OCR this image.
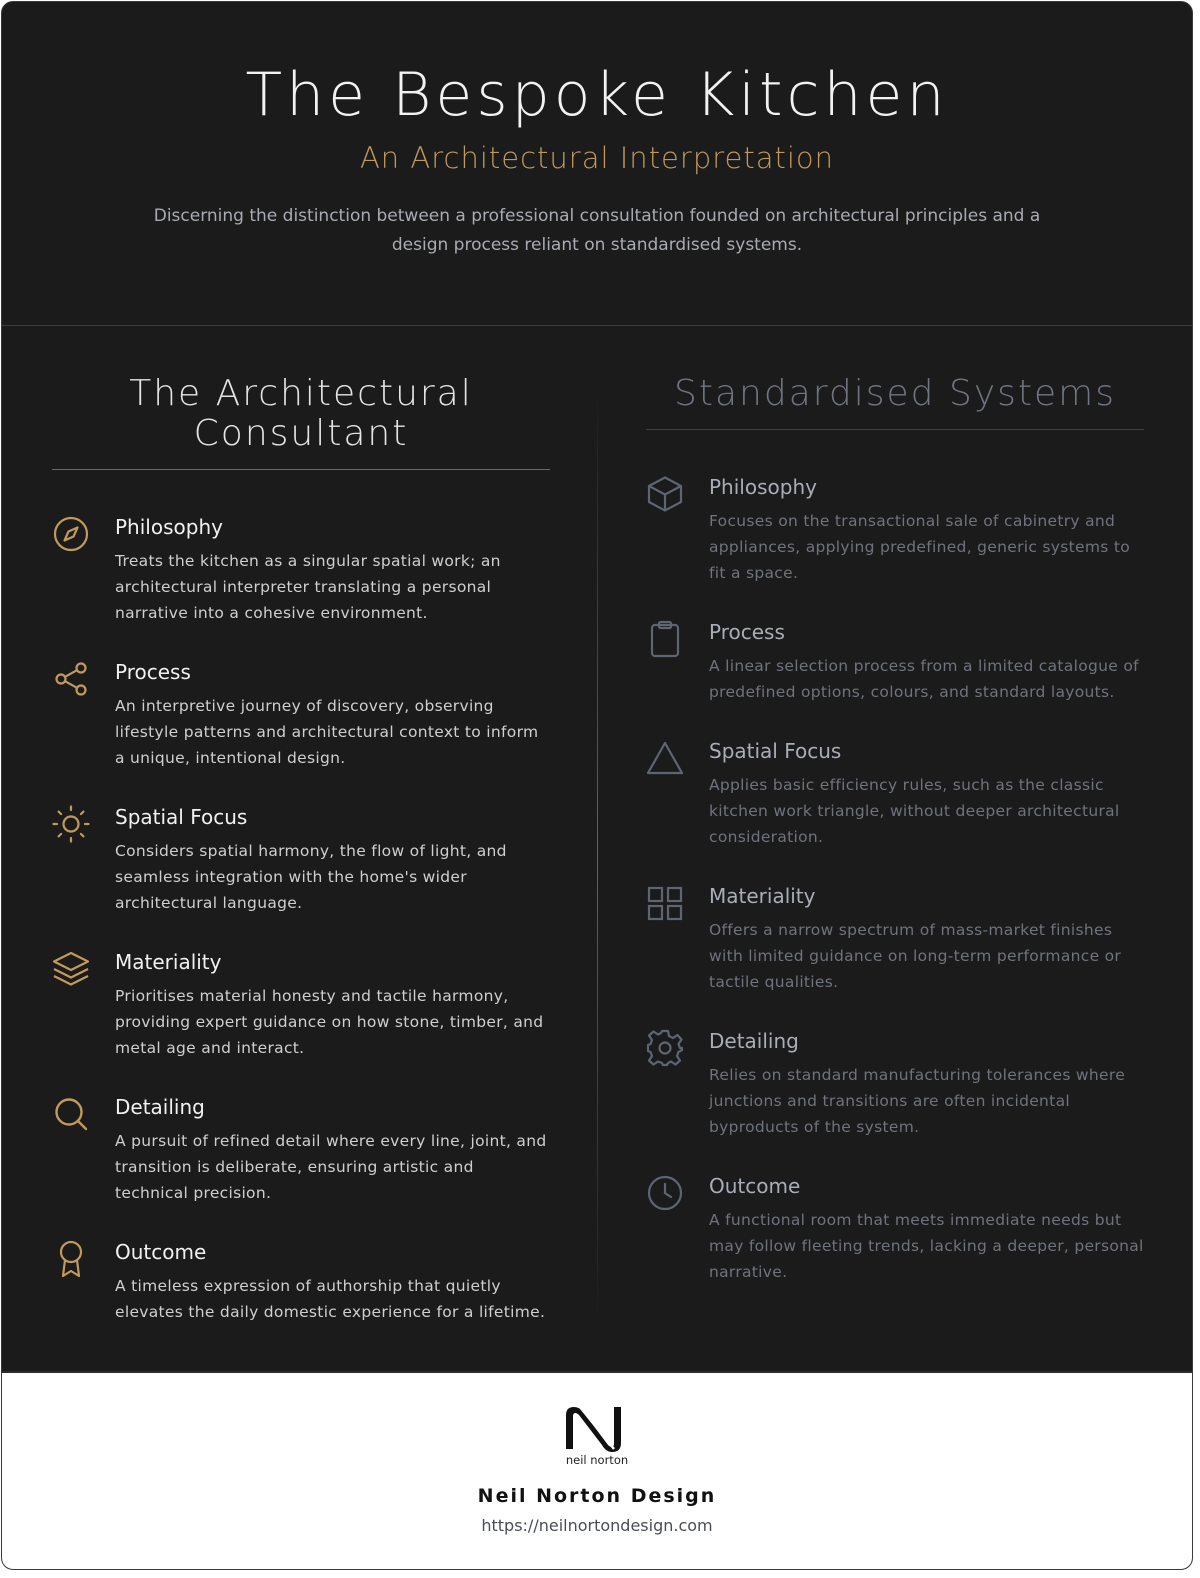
The Bespoke Kitchen
An Architectural Interpretation

Discerning the distinction between a professional consultation founded on architectural principles and a design process reliant on standardised systems.

The Architectural Consultant
Standardised Systems
Philosophy
Treats the kitchen as a singular spatial work; an architectural interpreter translating a personal narrative into a cohesive environment.
Process
An interpretive journey of discovery, observing lifestyle patterns and architectural context to inform a unique, intentional design.
Spatial Focus
Considers spatial harmony, the flow of light, and seamless integration with the home's wider architectural language.
Materiality
Prioritises material honesty and tactile harmony, providing expert guidance on how stone, timber, and metal age and interact.
Detailing
A pursuit of refined detail where every line, joint, and transition is deliberate, ensuring artistic and technical precision.
Outcome
A timeless expression of authorship that quietly elevates the daily domestic experience for a lifetime.
Philosophy
Focuses on the transactional sale of cabinetry and appliances, applying predefined, generic systems to fit a space.
Process
A linear selection process from a limited catalogue of predefined options, colours, and standard layouts.
Spatial Focus
Applies basic efficiency rules, such as the classic kitchen work triangle, without deeper architectural consideration.
Materiality
Offers a narrow spectrum of mass-market finishes with limited guidance on long-term performance or tactile qualities.
Detailing
Relies on standard manufacturing tolerances where junctions and transitions are often incidental byproducts of the system.
Outcome
A functional room that meets immediate needs but may follow fleeting trends, lacking a deeper, personal narrative.
neil norton
Neil Norton Design
https://neilnortondesign.com
